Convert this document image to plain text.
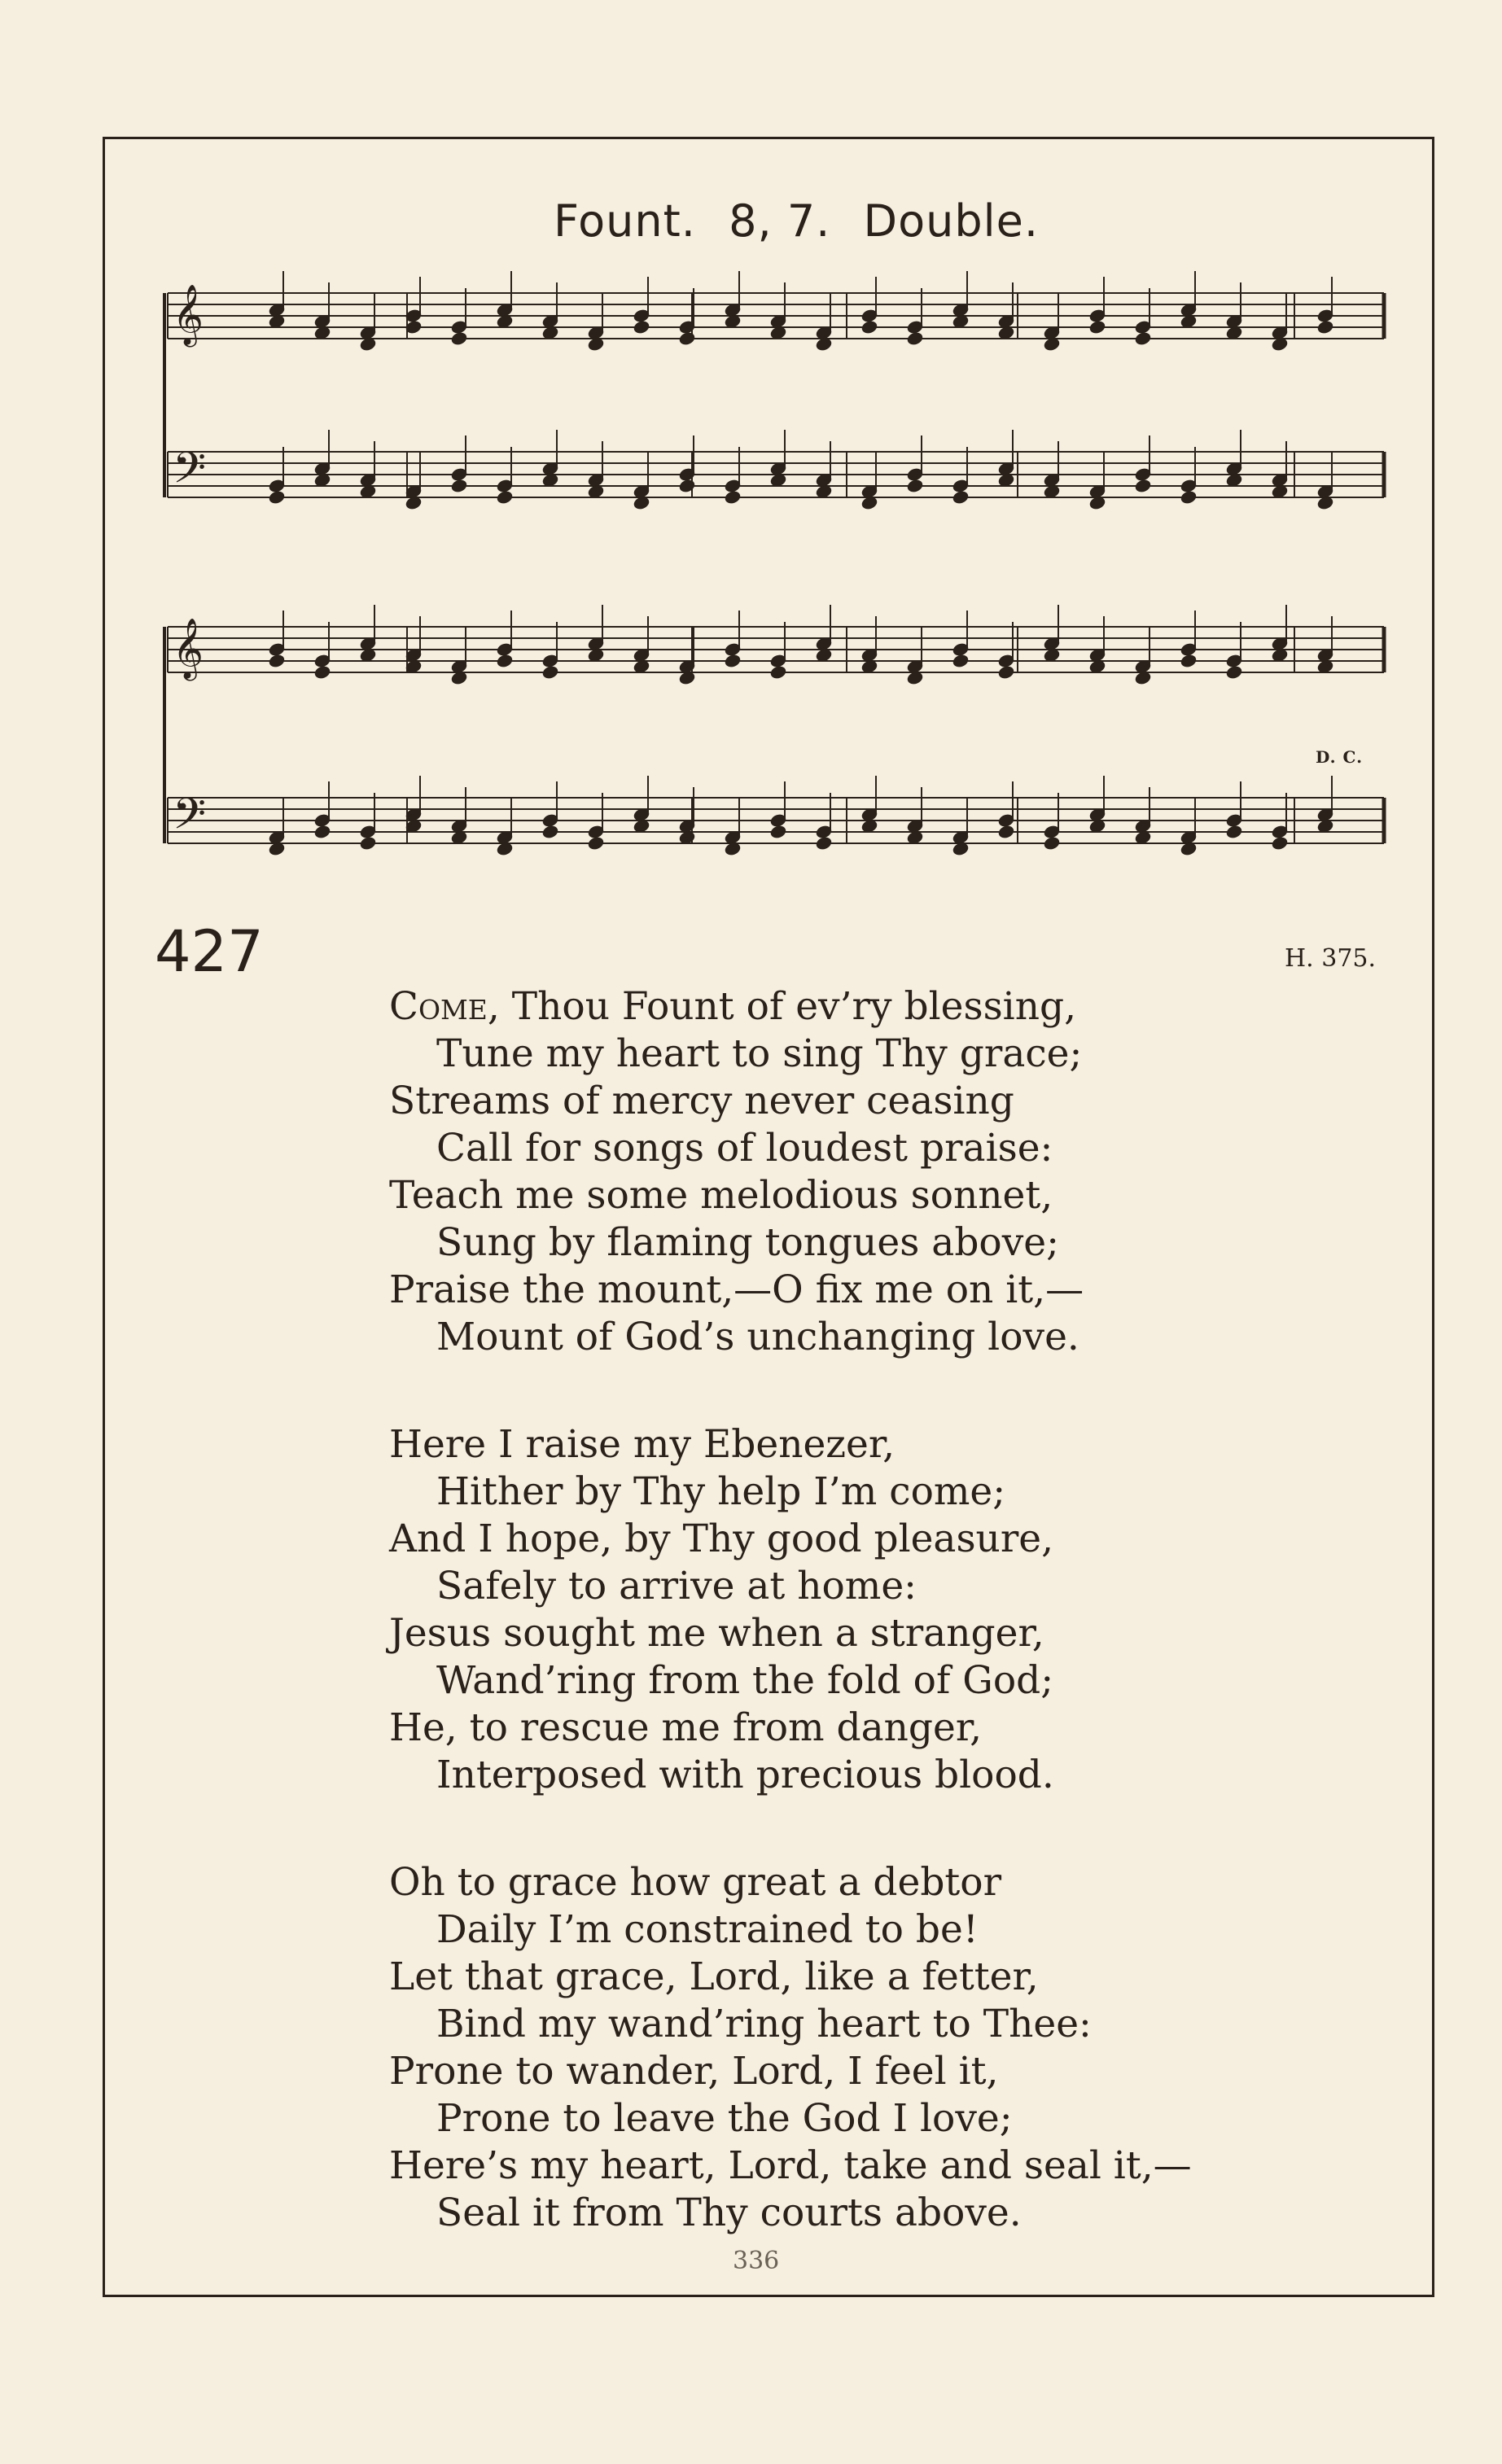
Fount. 8, 7. Double.
𝄞
𝄢
𝄞
𝄢
D. C.
427	H. 375.
Come, Thou Fount of ev’ry blessing,
Tune my heart to sing Thy grace;
Streams of mercy never ceasing
Call for songs of loudest praise:
Teach me some melodious sonnet,
Sung by flaming tongues above;
Praise the mount,—O fix me on it,—
Mount of God’s unchanging love.
Here I raise my Ebenezer,
Hither by Thy help I’m come;
And I hope, by Thy good pleasure,
Safely to arrive at home:
Jesus sought me when a stranger,
Wand’ring from the fold of God;
He, to rescue me from danger,
Interposed with precious blood.
Oh to grace how great a debtor
Daily I’m constrained to be!
Let that grace, Lord, like a fetter,
Bind my wand’ring heart to Thee:
Prone to wander, Lord, I feel it,
Prone to leave the God I love;
Here’s my heart, Lord, take and seal it,—
Seal it from Thy courts above.
336
